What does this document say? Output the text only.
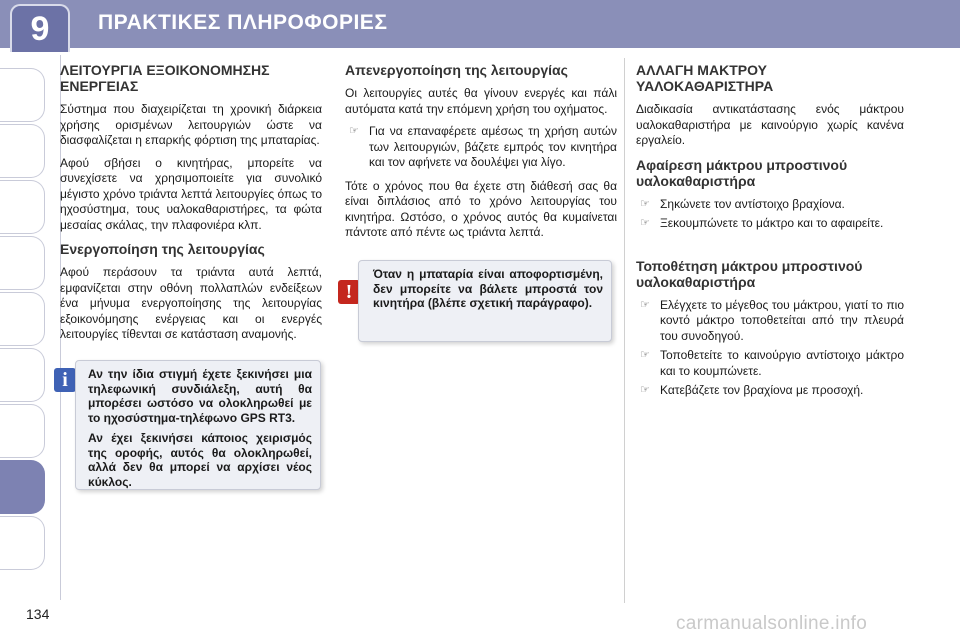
9	ΠΡΑΚΤΙΚΕΣ ΠΛΗΡΟΦΟΡΙΕΣ
ΛΕΙΤΟΥΡΓΙΑ ΕΞΟΙΚΟΝΟΜΗΣΗΣ ΕΝΕΡΓΕΙΑΣ

Σύστημα που διαχειρίζεται τη χρονική διάρκεια χρήσης ορισμένων λειτουργιών ώστε να διασφαλίζεται η επαρκής φόρτιση της μπαταρίας.

Αφού σβήσει ο κινητήρας, μπορείτε να συνεχίσετε να χρησιμοποιείτε για συνολικό μέγιστο χρόνο τριάντα λεπτά λειτουργίες όπως το ηχοσύστημα, τους υαλοκαθαριστήρες, τα φώτα μεσαίας σκάλας, την πλαφονιέρα κλπ.

Ενεργοποίηση της λειτουργίας

Αφού περάσουν τα τριάντα αυτά λεπτά, εμφανίζεται στην οθόνη πολλαπλών ενδείξεων ένα μήνυμα ενεργοποίησης της λειτουργίας εξοικονόμησης ενέργειας και οι ενεργές λειτουργίες τίθενται σε κατάσταση αναμονής.

i	Αν την ίδια στιγμή έχετε ξεκινήσει μια τηλεφωνική συνδιάλεξη, αυτή θα μπορέσει ωστόσο να ολοκληρωθεί με το ηχοσύστημα-τηλέφωνο GPS RT3.

Αν έχει ξεκινήσει κάποιος χειρισμός της οροφής, αυτός θα ολοκληρωθεί, αλλά δεν θα μπορεί να αρχίσει νέος κύκλος.

Απενεργοποίηση της λειτουργίας

Οι λειτουργίες αυτές θα γίνουν ενεργές και πάλι αυτόματα κατά την επόμενη χρήση του οχήματος.

☞ Για να επαναφέρετε αμέσως τη χρήση αυτών των λειτουργιών, βάζετε εμπρός τον κινητήρα και τον αφήνετε να δουλέψει για λίγο.

Τότε ο χρόνος που θα έχετε στη διάθεσή σας θα είναι διπλάσιος από το χρόνο λειτουργίας του κινητήρα. Ωστόσο, ο χρόνος αυτός θα κυμαίνεται πάντοτε από πέντε ως τριάντα λεπτά.

!

Όταν η μπαταρία είναι αποφορτισμένη, δεν μπορείτε να βάλετε μπροστά τον κινητήρα (βλέπε σχετική παράγραφο).

ΑΛΛΑΓΗ ΜΑΚΤΡΟΥ ΥΑΛΟΚΑΘΑΡΙΣΤΗΡΑ

Διαδικασία αντικατάστασης ενός μάκτρου υαλοκαθαριστήρα με καινούργιο χωρίς κανένα εργαλείο.

Αφαίρεση μάκτρου μπροστινού υαλοκαθαριστήρα
☞ Σηκώνετε τον αντίστοιχο βραχίονα.
☞ Ξεκουμπώνετε το μάκτρο και το αφαιρείτε.
Τοποθέτηση μάκτρου μπροστινού υαλοκαθαριστήρα
☞ Ελέγχετε το μέγεθος του μάκτρου, γιατί το πιο κοντό μάκτρο τοποθετείται από την πλευρά του συνοδηγού.
☞ Τοποθετείτε το καινούργιο αντίστοιχο μάκτρο και το κουμπώνετε.
☞ Κατεβάζετε τον βραχίονα με προσοχή.
134	carmanualsonline.info
